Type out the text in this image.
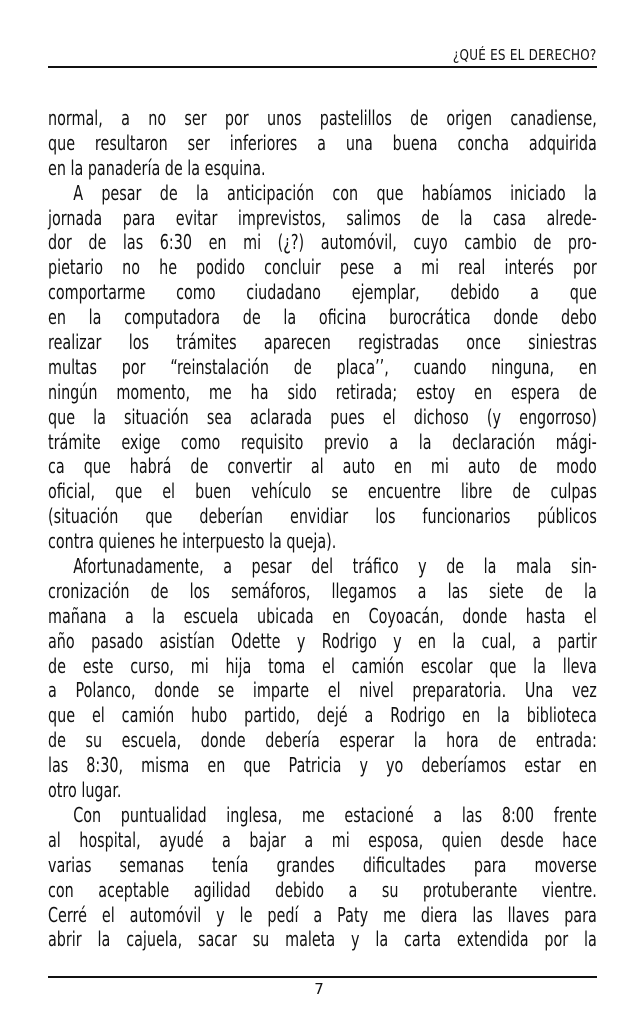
¿QUÉ ES EL DERECHO?
normal, a no ser por unos pastelillos de origen canadiense,
que resultaron ser inferiores a una buena concha adquirida
en la panadería de la esquina.
A pesar de la anticipación con que habíamos iniciado la
jornada para evitar imprevistos, salimos de la casa alrede-
dor de las 6:30 en mi (¿?) automóvil, cuyo cambio de pro-
pietario no he podido concluir pese a mi real interés por
comportarme como ciudadano ejemplar, debido a que
en la computadora de la oficina burocrática donde debo
realizar los trámites aparecen registradas once siniestras
multas por “reinstalación de placa’’, cuando ninguna, en
ningún momento, me ha sido retirada; estoy en espera de
que la situación sea aclarada pues el dichoso (y engorroso)
trámite exige como requisito previo a la declaración mági-
ca que habrá de convertir al auto en mi auto de modo
oficial, que el buen vehículo se encuentre libre de culpas
(situación que deberían envidiar los funcionarios públicos
contra quienes he interpuesto la queja).
Afortunadamente, a pesar del tráfico y de la mala sin-
cronización de los semáforos, llegamos a las siete de la
mañana a la escuela ubicada en Coyoacán, donde hasta el
año pasado asistían Odette y Rodrigo y en la cual, a partir
de este curso, mi hija toma el camión escolar que la lleva
a Polanco, donde se imparte el nivel preparatoria. Una vez
que el camión hubo partido, dejé a Rodrigo en la biblioteca
de su escuela, donde debería esperar la hora de entrada:
las 8:30, misma en que Patricia y yo deberíamos estar en
otro lugar.
Con puntualidad inglesa, me estacioné a las 8:00 frente
al hospital, ayudé a bajar a mi esposa, quien desde hace
varias semanas tenía grandes dificultades para moverse
con aceptable agilidad debido a su protuberante vientre.
Cerré el automóvil y le pedí a Paty me diera las llaves para
abrir la cajuela, sacar su maleta y la carta extendida por la
7
